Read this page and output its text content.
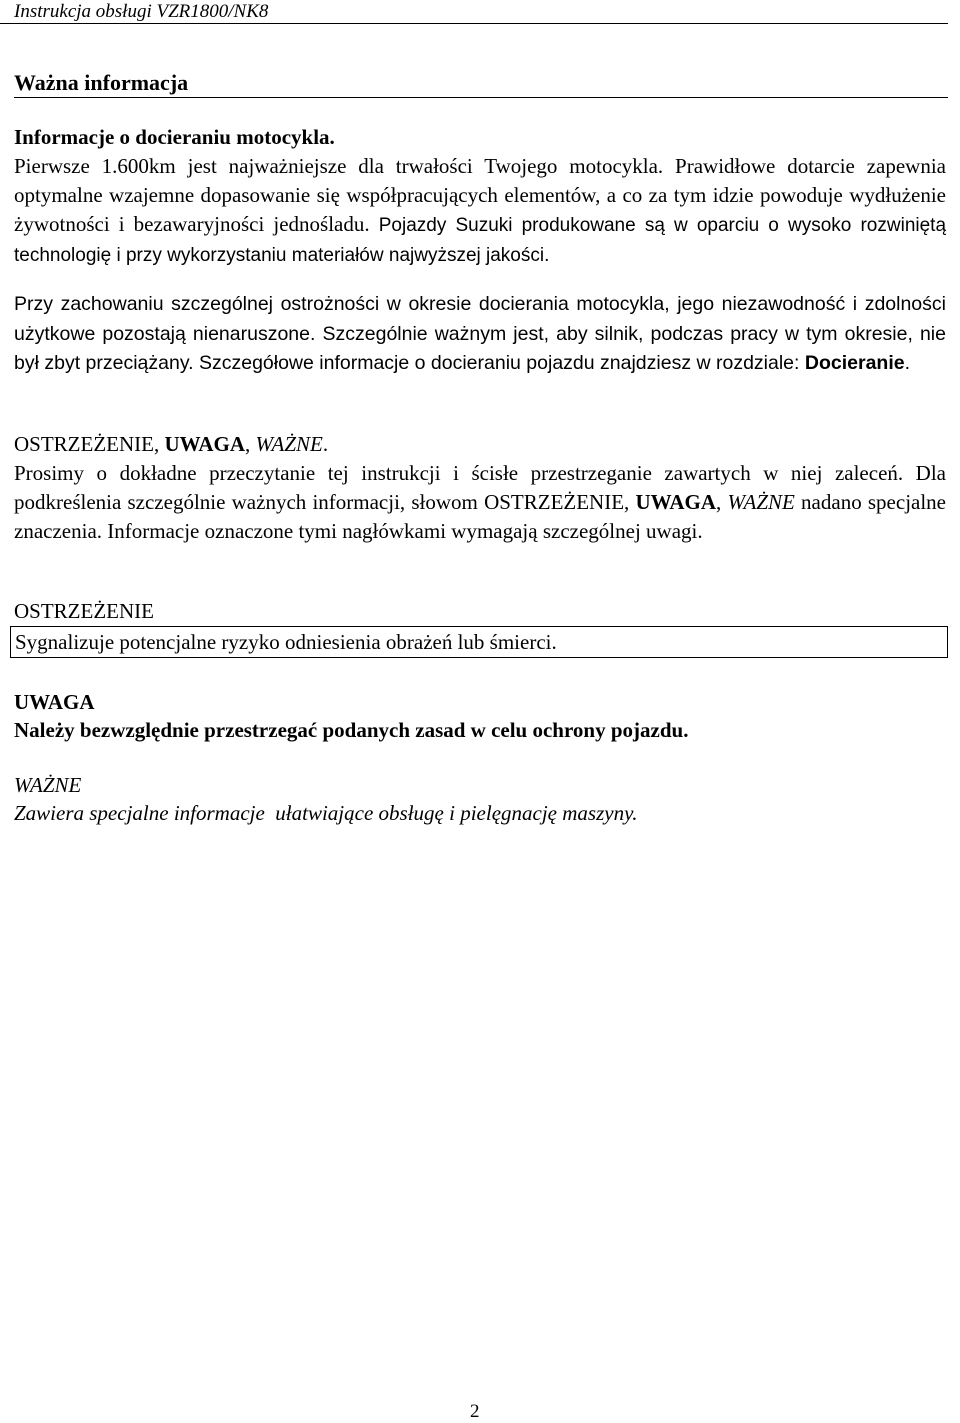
Instrukcja obsługi VZR1800/NK8
Ważna informacja
Informacje o docieraniu motocykla.
Pierwsze 1.600km jest najważniejsze dla trwałości Twojego motocykla. Prawidłowe dotarcie zapewnia optymalne wzajemne dopasowanie się współpracujących elementów, a co za tym idzie powoduje wydłużenie żywotności i bezawaryjności jednośladu. Pojazdy Suzuki produkowane są w oparciu o wysoko rozwiniętą technologię i przy wykorzystaniu materiałów najwyższej jakości.
Przy zachowaniu szczególnej ostrożności w okresie docierania motocykla, jego niezawodność i zdolności użytkowe pozostają nienaruszone. Szczególnie ważnym jest, aby silnik, podczas pracy w tym okresie, nie był zbyt przeciążany. Szczegółowe informacje o docieraniu pojazdu znajdziesz w rozdziale: Docieranie.
OSTRZEŻENIE, UWAGA, WAŻNE.
Prosimy o dokładne przeczytanie tej instrukcji i ścisłe przestrzeganie zawartych w niej zaleceń. Dla podkreślenia szczególnie ważnych informacji, słowom OSTRZEŻENIE, UWAGA, WAŻNE nadano specjalne znaczenia. Informacje oznaczone tymi nagłówkami wymagają szczególnej uwagi.
OSTRZEŻENIE
Sygnalizuje potencjalne ryzyko odniesienia obrażeń lub śmierci.
UWAGA
Należy bezwzględnie przestrzegać podanych zasad w celu ochrony pojazdu.
WAŻNE
Zawiera specjalne informacje  ułatwiające obsługę i pielęgnację maszyny.
2
